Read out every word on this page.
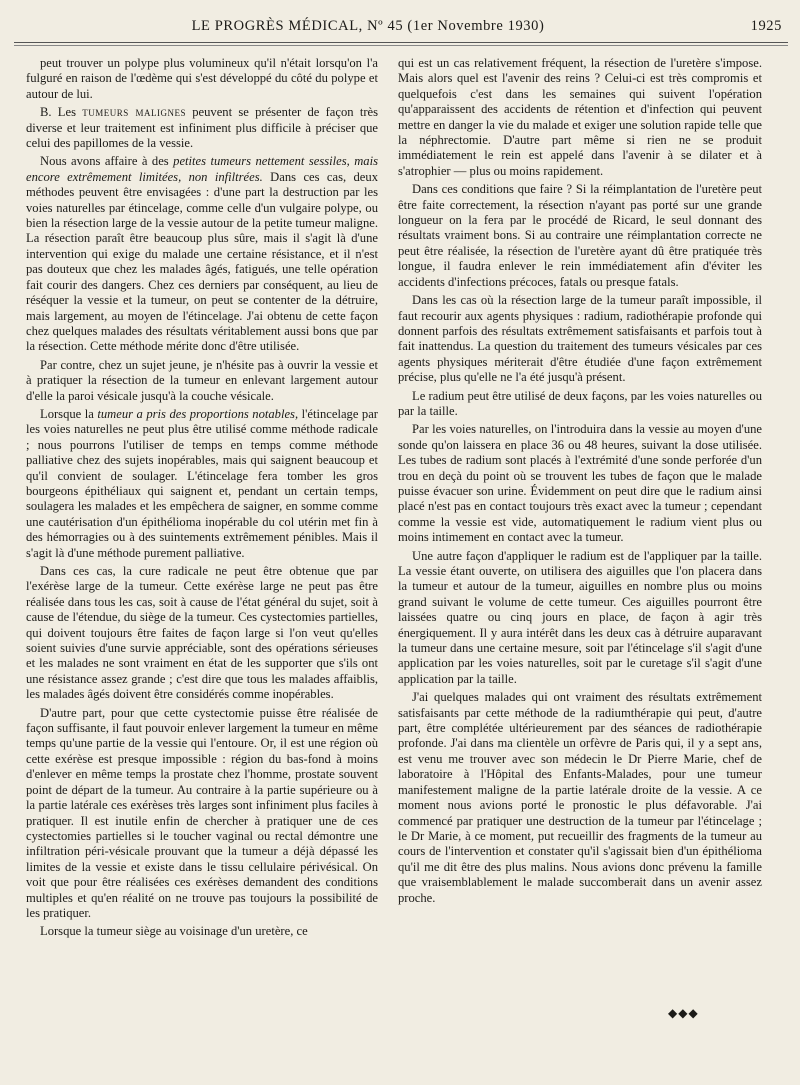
LE PROGRÈS MÉDICAL, Nº 45 (1er Novembre 1930)	1925

peut trouver un polype plus volumineux qu'il n'était lorsqu'on l'a fulguré en raison de l'œdème qui s'est développé du côté du polype et autour de lui.

B. Les tumeurs malignes peuvent se présenter de façon très diverse et leur traitement est infiniment plus difficile à préciser que celui des papillomes de la vessie.

Nous avons affaire à des petites tumeurs nettement sessiles, mais encore extrêmement limitées, non infiltrées. Dans ces cas, deux méthodes peuvent être envisagées : d'une part la destruction par les voies naturelles par étincelage, comme celle d'un vulgaire polype, ou bien la résection large de la vessie autour de la petite tumeur maligne. La résection paraît être beaucoup plus sûre, mais il s'agit là d'une intervention qui exige du malade une certaine résistance, et il n'est pas douteux que chez les malades âgés, fatigués, une telle opération fait courir des dangers. Chez ces derniers par conséquent, au lieu de réséquer la vessie et la tumeur, on peut se contenter de la détruire, mais largement, au moyen de l'étincelage. J'ai obtenu de cette façon chez quelques malades des résultats véritablement aussi bons que par la résection. Cette méthode mérite donc d'être utilisée.

Par contre, chez un sujet jeune, je n'hésite pas à ouvrir la vessie et à pratiquer la résection de la tumeur en enlevant largement autour d'elle la paroi vésicale jusqu'à la couche vésicale.

Lorsque la tumeur a pris des proportions notables, l'étincelage par les voies naturelles ne peut plus être utilisé comme méthode radicale ; nous pourrons l'utiliser de temps en temps comme méthode palliative chez des sujets inopérables, mais qui saignent beaucoup et qu'il convient de soulager. L'étincelage fera tomber les gros bourgeons épithéliaux qui saignent et, pendant un certain temps, soulagera les malades et les empêchera de saigner, en somme comme une cautérisation d'un épithélioma inopérable du col utérin met fin à des hémorragies ou à des suintements extrêmement pénibles. Mais il s'agit là d'une méthode purement palliative.

Dans ces cas, la cure radicale ne peut être obtenue que par l'exérèse large de la tumeur. Cette exérèse large ne peut pas être réalisée dans tous les cas, soit à cause de l'état général du sujet, soit à cause de l'étendue, du siège de la tumeur. Ces cystectomies partielles, qui doivent toujours être faites de façon large si l'on veut qu'elles soient suivies d'une survie appréciable, sont des opérations sérieuses et les malades ne sont vraiment en état de les supporter que s'ils ont une résistance assez grande ; c'est dire que tous les malades affaiblis, les malades âgés doivent être considérés comme inopérables.

D'autre part, pour que cette cystectomie puisse être réalisée de façon suffisante, il faut pouvoir enlever largement la tumeur en même temps qu'une partie de la vessie qui l'entoure. Or, il est une région où cette exérèse est presque impossible : région du bas-fond à moins d'enlever en même temps la prostate chez l'homme, prostate souvent point de départ de la tumeur. Au contraire à la partie supérieure ou à la partie latérale ces exérèses très larges sont infiniment plus faciles à pratiquer. Il est inutile enfin de chercher à pratiquer une de ces cystectomies partielles si le toucher vaginal ou rectal démontre une infiltration péri-vésicale prouvant que la tumeur a déjà dépassé les limites de la vessie et existe dans le tissu cellulaire périvésical. On voit que pour être réalisées ces exérèses demandent des conditions multiples et qu'en réalité on ne trouve pas toujours la possibilité de les pratiquer.

Lorsque la tumeur siège au voisinage d'un uretère, ce

qui est un cas relativement fréquent, la résection de l'uretère s'impose. Mais alors quel est l'avenir des reins ? Celui-ci est très compromis et quelquefois c'est dans les semaines qui suivent l'opération qu'apparaissent des accidents de rétention et d'infection qui peuvent mettre en danger la vie du malade et exiger une solution rapide telle que la néphrectomie. D'autre part même si rien ne se produit immédiatement le rein est appelé dans l'avenir à se dilater et à s'atrophier — plus ou moins rapidement.

Dans ces conditions que faire ? Si la réimplantation de l'uretère peut être faite correctement, la résection n'ayant pas porté sur une grande longueur on la fera par le procédé de Ricard, le seul donnant des résultats vraiment bons. Si au contraire une réimplantation correcte ne peut être réalisée, la résection de l'uretère ayant dû être pratiquée très longue, il faudra enlever le rein immédiatement afin d'éviter les accidents d'infections précoces, fatals ou presque fatals.

Dans les cas où la résection large de la tumeur paraît impossible, il faut recourir aux agents physiques : radium, radiothérapie profonde qui donnent parfois des résultats extrêmement satisfaisants et parfois tout à fait inattendus. La question du traitement des tumeurs vésicales par ces agents physiques mériterait d'être étudiée d'une façon extrêmement précise, plus qu'elle ne l'a été jusqu'à présent.

Le radium peut être utilisé de deux façons, par les voies naturelles ou par la taille.

Par les voies naturelles, on l'introduira dans la vessie au moyen d'une sonde qu'on laissera en place 36 ou 48 heures, suivant la dose utilisée. Les tubes de radium sont placés à l'extrémité d'une sonde perforée d'un trou en deçà du point où se trouvent les tubes de façon que le malade puisse évacuer son urine. Évidemment on peut dire que le radium ainsi placé n'est pas en contact toujours très exact avec la tumeur ; cependant comme la vessie est vide, automatiquement le radium vient plus ou moins intimement en contact avec la tumeur.

Une autre façon d'appliquer le radium est de l'appliquer par la taille. La vessie étant ouverte, on utilisera des aiguilles que l'on placera dans la tumeur et autour de la tumeur, aiguilles en nombre plus ou moins grand suivant le volume de cette tumeur. Ces aiguilles pourront être laissées quatre ou cinq jours en place, de façon à agir très énergiquement. Il y aura intérêt dans les deux cas à détruire auparavant la tumeur dans une certaine mesure, soit par l'étincelage s'il s'agit d'une application par les voies naturelles, soit par le curetage s'il s'agit d'une application par la taille.

J'ai quelques malades qui ont vraiment des résultats extrêmement satisfaisants par cette méthode de la radiumthérapie qui peut, d'autre part, être complétée ultérieurement par des séances de radiothérapie profonde. J'ai dans ma clientèle un orfèvre de Paris qui, il y a sept ans, est venu me trouver avec son médecin le Dr Pierre Marie, chef de laboratoire à l'Hôpital des Enfants-Malades, pour une tumeur manifestement maligne de la partie latérale droite de la vessie. A ce moment nous avions porté le pronostic le plus défavorable. J'ai commencé par pratiquer une destruction de la tumeur par l'étincelage ; le Dr Marie, à ce moment, put recueillir des fragments de la tumeur au cours de l'intervention et constater qu'il s'agissait bien d'un épithélioma qu'il me dit être des plus malins. Nous avions donc prévenu la famille que vraisemblablement le malade succomberait dans un avenir assez proche.

◆◆◆
